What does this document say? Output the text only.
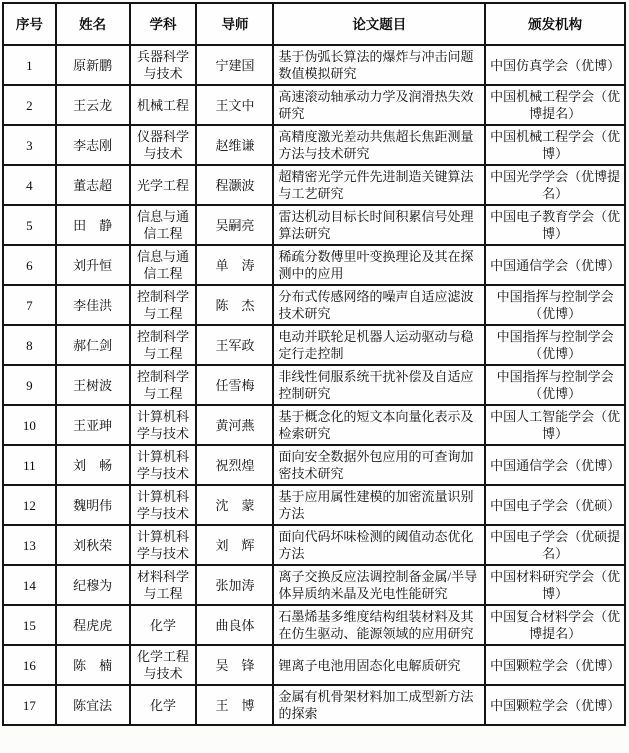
序号	姓名	学科	导师	论文题目	颁发机构
1	原新鹏	兵器科学与技术	宁建国	基于伪弧长算法的爆炸与冲击问题数值模拟研究	中国仿真学会（优博）
2	王云龙	机械工程	王文中	高速滚动轴承动力学及润滑热失效研究	中国机械工程学会（优博提名）
3	李志刚	仪器科学与技术	赵维谦	高精度激光差动共焦超长焦距测量方法与技术研究	中国机械工程学会（优博）
4	董志超	光学工程	程灏波	超精密光学元件先进制造关键算法与工艺研究	中国光学学会（优博提名）
5	田　静	信息与通信工程	吴嗣亮	雷达机动目标长时间积累信号处理算法研究	中国电子教育学会（优博）
6	刘升恒	信息与通信工程	单　涛	稀疏分数傅里叶变换理论及其在探测中的应用	中国通信学会（优博）
7	李佳洪	控制科学与工程	陈　杰	分布式传感网络的噪声自适应滤波技术研究	中国指挥与控制学会（优博）
8	郝仁剑	控制科学与工程	王军政	电动并联轮足机器人运动驱动与稳定行走控制	中国指挥与控制学会（优博）
9	王树波	控制科学与工程	任雪梅	非线性伺服系统干扰补偿及自适应控制研究	中国指挥与控制学会（优博）
10	王亚珅	计算机科学与技术	黄河燕	基于概念化的短文本向量化表示及检索研究	中国人工智能学会（优博）
11	刘　畅	计算机科学与技术	祝烈煌	面向安全数据外包应用的可查询加密技术研究	中国通信学会（优博）
12	魏明伟	计算机科学与技术	沈　蒙	基于应用属性建模的加密流量识别方法	中国电子学会（优硕）
13	刘秋荣	计算机科学与技术	刘　辉	面向代码坏味检测的阈值动态优化方法	中国电子学会（优硕提名）
14	纪穆为	材料科学与工程	张加涛	离子交换反应法调控制备金属/半导体异质纳米晶及光电性能研究	中国材料研究学会（优博）
15	程虎虎	化学	曲良体	石墨烯基多维度结构组装材料及其在仿生驱动、能源领域的应用研究	中国复合材料学会（优博提名）
16	陈　楠	化学工程与技术	吴　锋	锂离子电池用固态化电解质研究	中国颗粒学会（优博）
17	陈宜法	化学	王　博	金属有机骨架材料加工成型新方法的探索	中国颗粒学会（优博）
